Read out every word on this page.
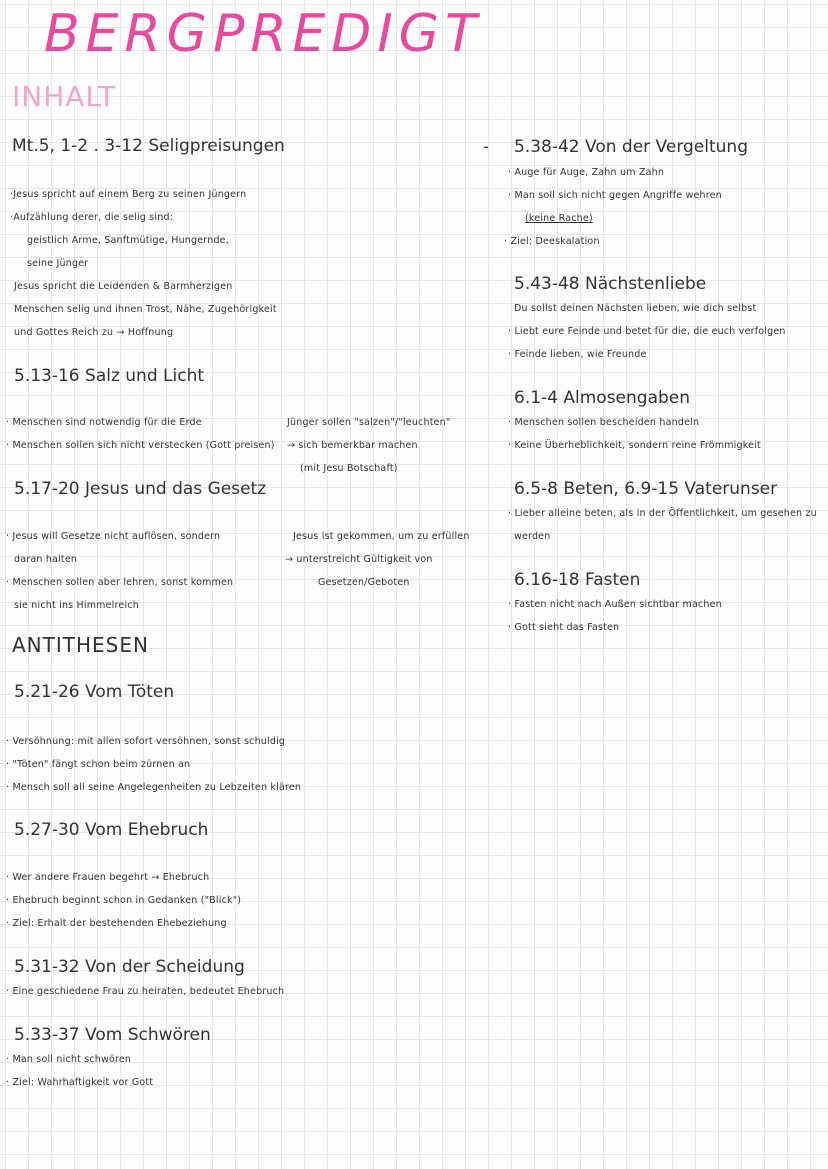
BERGPREDIGT
INHALT
Mt.5, 1-2 . 3-12 Seligpreisungen
·Jesus spricht auf einem Berg zu seinen Jüngern
·Aufzählung derer, die selig sind:
geistlich Arme, Sanftmütige, Hungernde,
seine Jünger
Jesus spricht die Leidenden & Barmherzigen
Menschen selig und ihnen Trost, Nähe, Zugehörigkeit
und Gottes Reich zu → Hoffnung
5.13-16 Salz und Licht
· Menschen sind notwendig für die Erde
· Menschen sollen sich nicht verstecken (Gott preisen)
Jünger sollen "salzen"/"leuchten"
→ sich bemerkbar machen
(mit Jesu Botschaft)
5.17-20 Jesus und das Gesetz
· Jesus will Gesetze nicht auflösen, sondern
daran halten
· Menschen sollen aber lehren, sonst kommen
sie nicht ins Himmelreich
Jesus ist gekommen, um zu erfüllen
→ unterstreicht Gültigkeit von
Gesetzen/Geboten
ANTITHESEN
5.21-26 Vom Töten
· Versöhnung: mit allen sofort versöhnen, sonst schuldig
· "Töten" fängt schon beim zürnen an
· Mensch soll all seine Angelegenheiten zu Lebzeiten klären
5.27-30 Vom Ehebruch
· Wer andere Frauen begehrt → Ehebruch
· Ehebruch beginnt schon in Gedanken ("Blick")
· Ziel: Erhalt der bestehenden Ehebeziehung
5.31-32 Von der Scheidung
· Eine geschiedene Frau zu heiraten, bedeutet Ehebruch
5.33-37 Vom Schwören
· Man soll nicht schwören
· Ziel: Wahrhaftigkeit vor Gott
- 5.38-42 Von der Vergeltung
· Auge für Auge, Zahn um Zahn
· Man soll sich nicht gegen Angriffe wehren
(keine Rache)
· Ziel: Deeskalation
5.43-48 Nächstenliebe
Du sollst deinen Nächsten lieben, wie dich selbst
· Liebt eure Feinde und betet für die, die euch verfolgen
· Feinde lieben, wie Freunde
6.1-4 Almosengaben
· Menschen sollen bescheiden handeln
· Keine Überheblichkeit, sondern reine Frömmigkeit
6.5-8 Beten, 6.9-15 Vaterunser
· Lieber alleine beten, als in der Öffentlichkeit, um gesehen zu
werden
6.16-18 Fasten
· Fasten nicht nach Außen sichtbar machen
· Gott sieht das Fasten
